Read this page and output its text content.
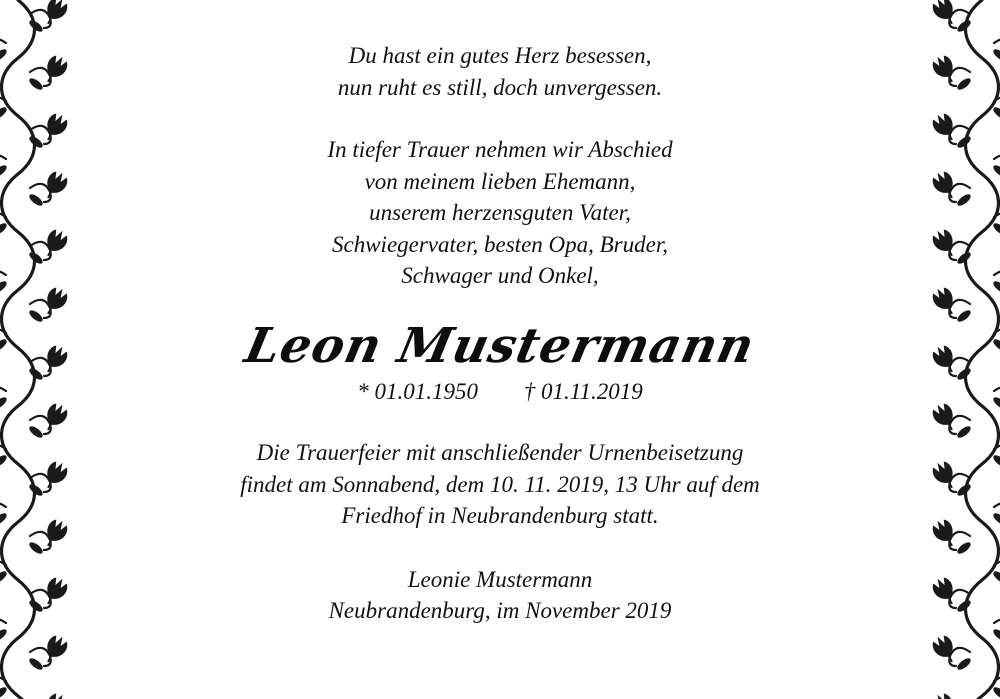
Du hast ein gutes Herz besessen,
nun ruht es still, doch unvergessen.

In tiefer Trauer nehmen wir Abschied
von meinem lieben Ehemann,
unserem herzensguten Vater,
Schwiegervater, besten Opa, Bruder,
Schwager und Onkel,

Leon Mustermann
* 01.01.1950 † 01.11.2019

Die Trauerfeier mit anschließender Urnenbeisetzung
findet am Sonnabend, dem 10. 11. 2019, 13 Uhr auf dem
Friedhof in Neubrandenburg statt.

Leonie Mustermann
Neubrandenburg, im November 2019
